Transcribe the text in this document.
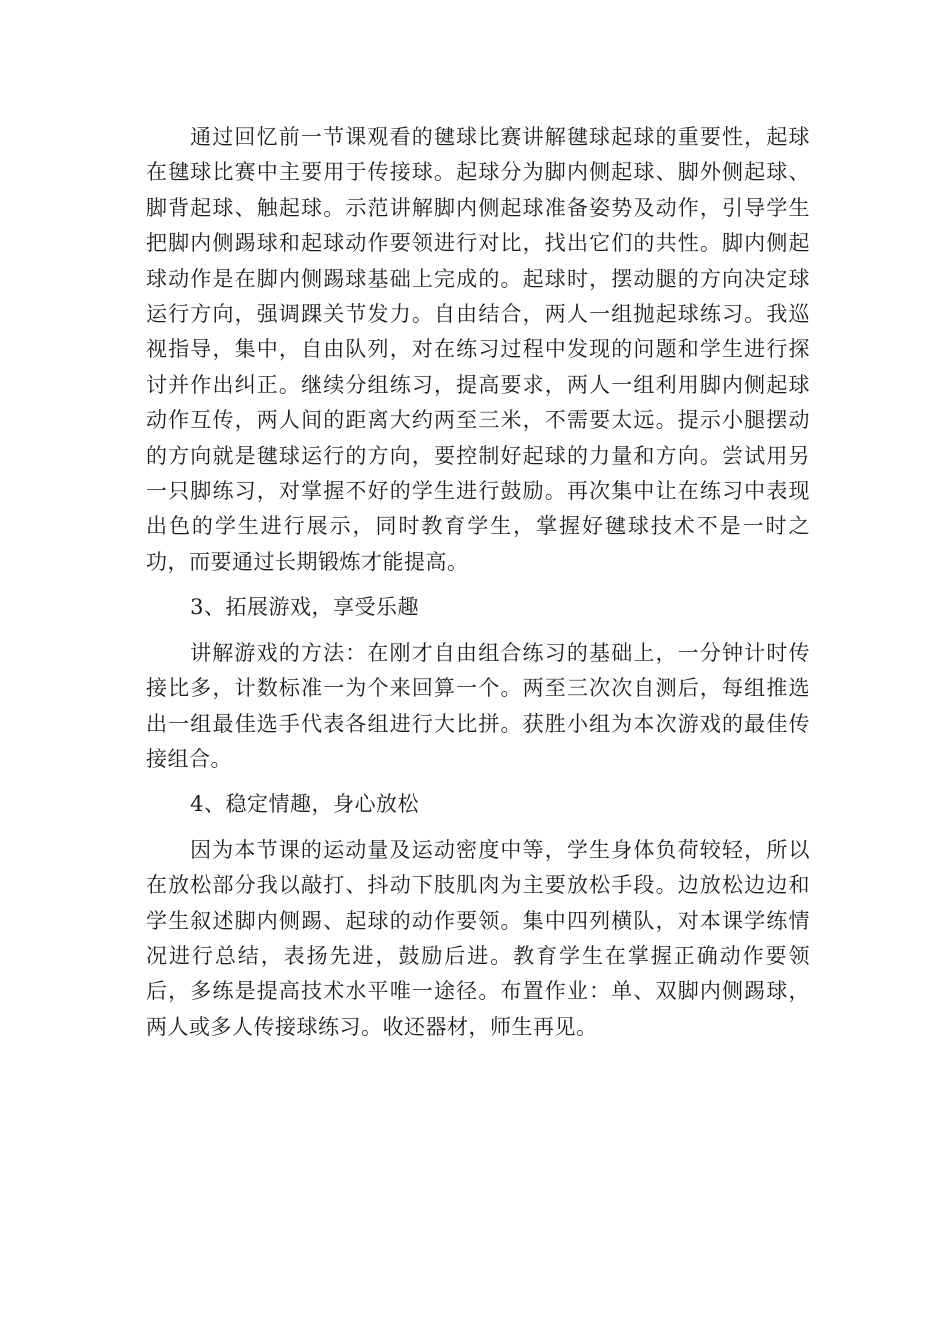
通过回忆前一节课观看的毽球比赛讲解毽球起球的重要性，起球在毽球比赛中主要用于传接球。起球分为脚内侧起球、脚外侧起球、脚背起球、触起球。示范讲解脚内侧起球准备姿势及动作，引导学生把脚内侧踢球和起球动作要领进行对比，找出它们的共性。脚内侧起球动作是在脚内侧踢球基础上完成的。起球时，摆动腿的方向决定球运行方向，强调踝关节发力。自由结合，两人一组抛起球练习。我巡视指导，集中，自由队列，对在练习过程中发现的问题和学生进行探讨并作出纠正。继续分组练习，提高要求，两人一组利用脚内侧起球动作互传，两人间的距离大约两至三米，不需要太远。提示小腿摆动的方向就是毽球运行的方向，要控制好起球的力量和方向。尝试用另一只脚练习，对掌握不好的学生进行鼓励。再次集中让在练习中表现出色的学生进行展示，同时教育学生，掌握好毽球技术不是一时之功，而要通过长期锻炼才能提高。

3、拓展游戏，享受乐趣

讲解游戏的方法：在刚才自由组合练习的基础上，一分钟计时传接比多，计数标准一为个来回算一个。两至三次次自测后，每组推选出一组最佳选手代表各组进行大比拼。获胜小组为本次游戏的最佳传接组合。

4、稳定情趣，身心放松

因为本节课的运动量及运动密度中等，学生身体负荷较轻，所以在放松部分我以敲打、抖动下肢肌肉为主要放松手段。边放松边边和学生叙述脚内侧踢、起球的动作要领。集中四列横队，对本课学练情况进行总结，表扬先进，鼓励后进。教育学生在掌握正确动作要领后，多练是提高技术水平唯一途径。布置作业：单、双脚内侧踢球，两人或多人传接球练习。收还器材，师生再见。
